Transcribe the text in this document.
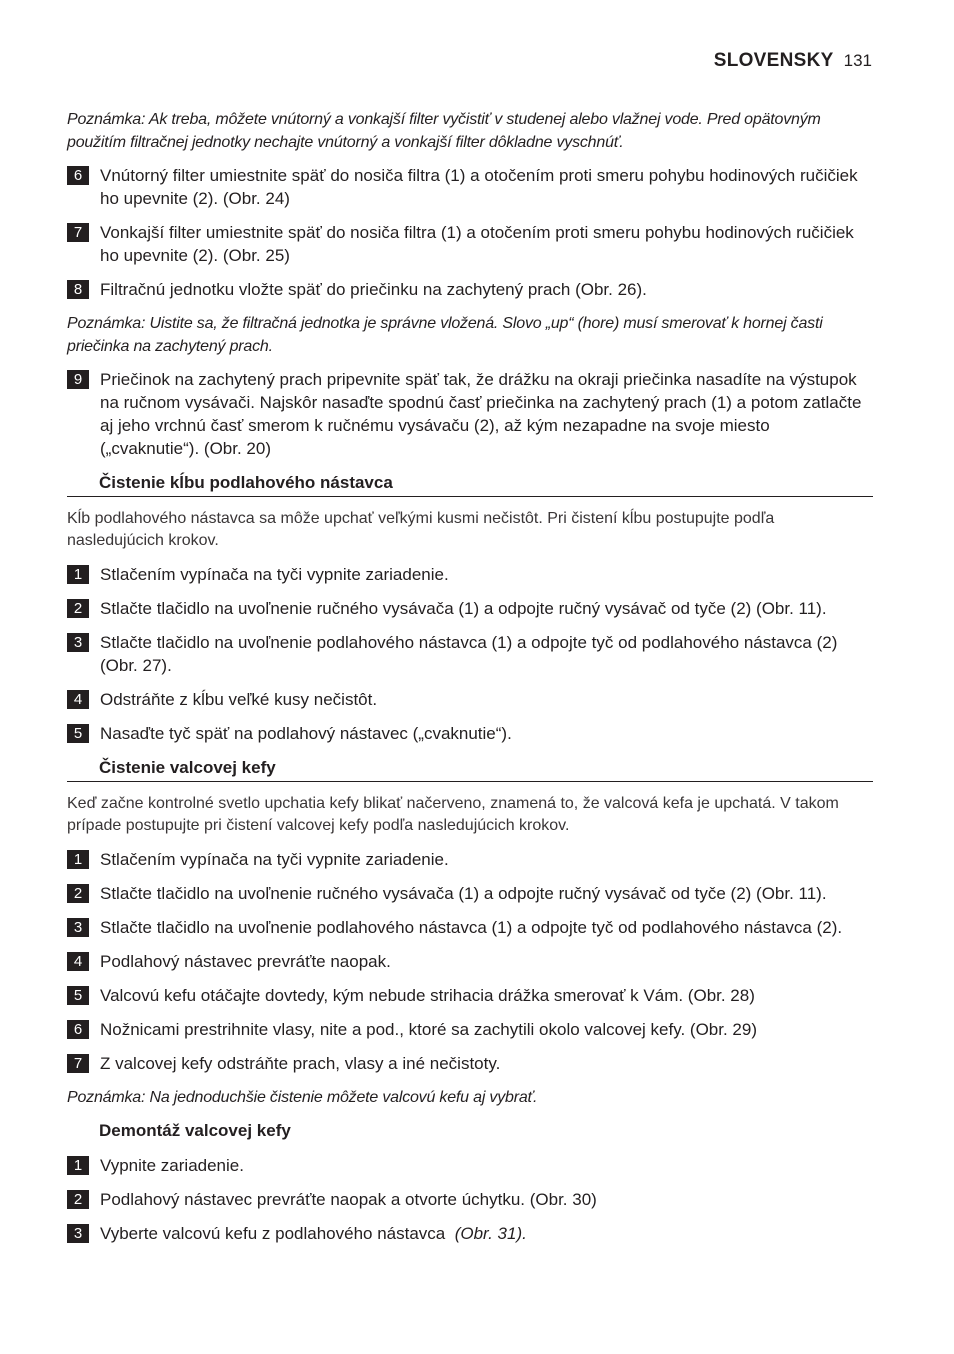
SLOVENSKY 131

Poznámka: Ak treba, môžete vnútorný a vonkajší filter vyčistiť v studenej alebo vlažnej vode. Pred opätovným použitím filtračnej jednotky nechajte vnútorný a vonkajší filter dôkladne vyschnúť.

6	Vnútorný filter umiestnite späť do nosiča filtra (1) a otočením proti smeru pohybu hodinových ručičiek ho upevnite (2). (Obr. 24)
7	Vonkajší filter umiestnite späť do nosiča filtra (1) a otočením proti smeru pohybu hodinových ručičiek ho upevnite (2). (Obr. 25)
8	Filtračnú jednotku vložte späť do priečinku na zachytený prach (Obr. 26).

Poznámka: Uistite sa, že filtračná jednotka je správne vložená. Slovo „up“ (hore) musí smerovať k hornej časti priečinka na zachytený prach.

9	Priečinok na zachytený prach pripevnite späť tak, že drážku na okraji priečinka nasadíte na výstupok na ručnom vysávači. Najskôr nasaďte spodnú časť priečinka na zachytený prach (1) a potom zatlačte aj jeho vrchnú časť smerom k ručnému vysávaču (2), až kým nezapadne na svoje miesto („cvaknutie“). (Obr. 20)
Čistenie kĺbu podlahového nástavca

Kĺb podlahového nástavca sa môže upchať veľkými kusmi nečistôt. Pri čistení kĺbu postupujte podľa nasledujúcich krokov.

1	Stlačením vypínača na tyči vypnite zariadenie.
2	Stlačte tlačidlo na uvoľnenie ručného vysávača (1) a odpojte ručný vysávač od tyče (2) (Obr. 11).
3	Stlačte tlačidlo na uvoľnenie podlahového nástavca (1) a odpojte tyč od podlahového nástavca (2) (Obr. 27).
4	Odstráňte z kĺbu veľké kusy nečistôt.
5	Nasaďte tyč späť na podlahový nástavec („cvaknutie“).
Čistenie valcovej kefy

Keď začne kontrolné svetlo upchatia kefy blikať načerveno, znamená to, že valcová kefa je upchatá. V takom prípade postupujte pri čistení valcovej kefy podľa nasledujúcich krokov.

1	Stlačením vypínača na tyči vypnite zariadenie.
2	Stlačte tlačidlo na uvoľnenie ručného vysávača (1) a odpojte ručný vysávač od tyče (2) (Obr. 11).
3	Stlačte tlačidlo na uvoľnenie podlahového nástavca (1) a odpojte tyč od podlahového nástavca (2).
4	Podlahový nástavec prevráťte naopak.
5	Valcovú kefu otáčajte dovtedy, kým nebude strihacia drážka smerovať k Vám. (Obr. 28)
6	Nožnicami prestrihnite vlasy, nite a pod., ktoré sa zachytili okolo valcovej kefy. (Obr. 29)
7	Z valcovej kefy odstráňte prach, vlasy a iné nečistoty.

Poznámka: Na jednoduchšie čistenie môžete valcovú kefu aj vybrať.

Demontáž valcovej kefy
1	Vypnite zariadenie.
2	Podlahový nástavec prevráťte naopak a otvorte úchytku. (Obr. 30)
3	Vyberte valcovú kefu z podlahového nástavca (Obr. 31).
